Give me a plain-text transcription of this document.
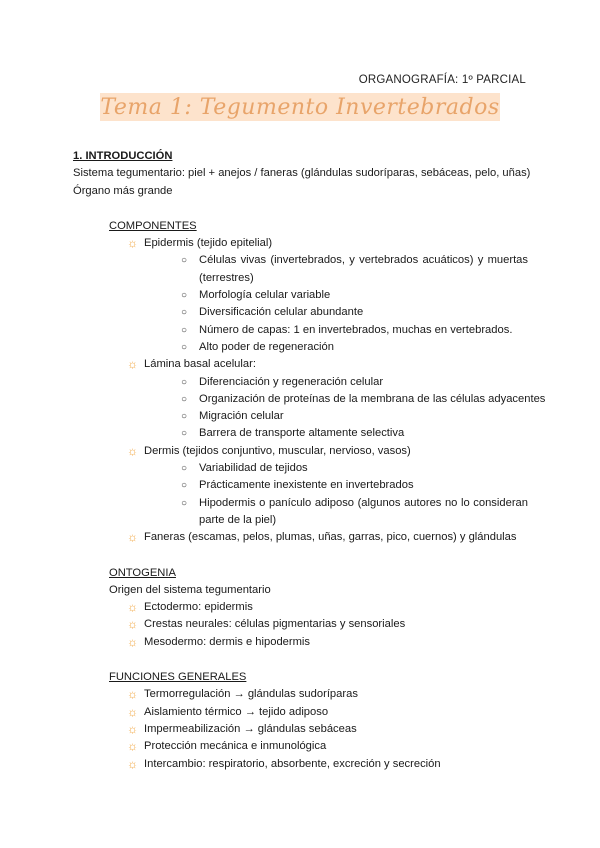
ORGANOGRAFÍA: 1º PARCIAL
Tema 1: Tegumento Invertebrados
1. INTRODUCCIÓN
Sistema tegumentario: piel + anejos / faneras (glándulas sudoríparas, sebáceas, pelo, uñas)
Órgano más grande
COMPONENTES
☼ Epidermis (tejido epitelial)
○ Células vivas (invertebrados, y vertebrados acuáticos) y muertas (terrestres)
○ Morfología celular variable
○ Diversificación celular abundante
○ Número de capas: 1 en invertebrados, muchas en vertebrados.
○ Alto poder de regeneración
☼ Lámina basal acelular:
○ Diferenciación y regeneración celular
○ Organización de proteínas de la membrana de las células adyacentes
○ Migración celular
○ Barrera de transporte altamente selectiva
☼ Dermis (tejidos conjuntivo, muscular, nervioso, vasos)
○ Variabilidad de tejidos
○ Prácticamente inexistente en invertebrados
○ Hipodermis o panículo adiposo (algunos autores no lo consideran parte de la piel)
☼ Faneras (escamas, pelos, plumas, uñas, garras, pico, cuernos) y glándulas
ONTOGENIA
Origen del sistema tegumentario
☼ Ectodermo: epidermis
☼ Crestas neurales: células pigmentarias y sensoriales
☼ Mesodermo: dermis e hipodermis
FUNCIONES GENERALES
☼ Termorregulación → glándulas sudoríparas
☼ Aislamiento térmico → tejido adiposo
☼ Impermeabilización → glándulas sebáceas
☼ Protección mecánica e inmunológica
☼ Intercambio: respiratorio, absorbente, excreción y secreción
